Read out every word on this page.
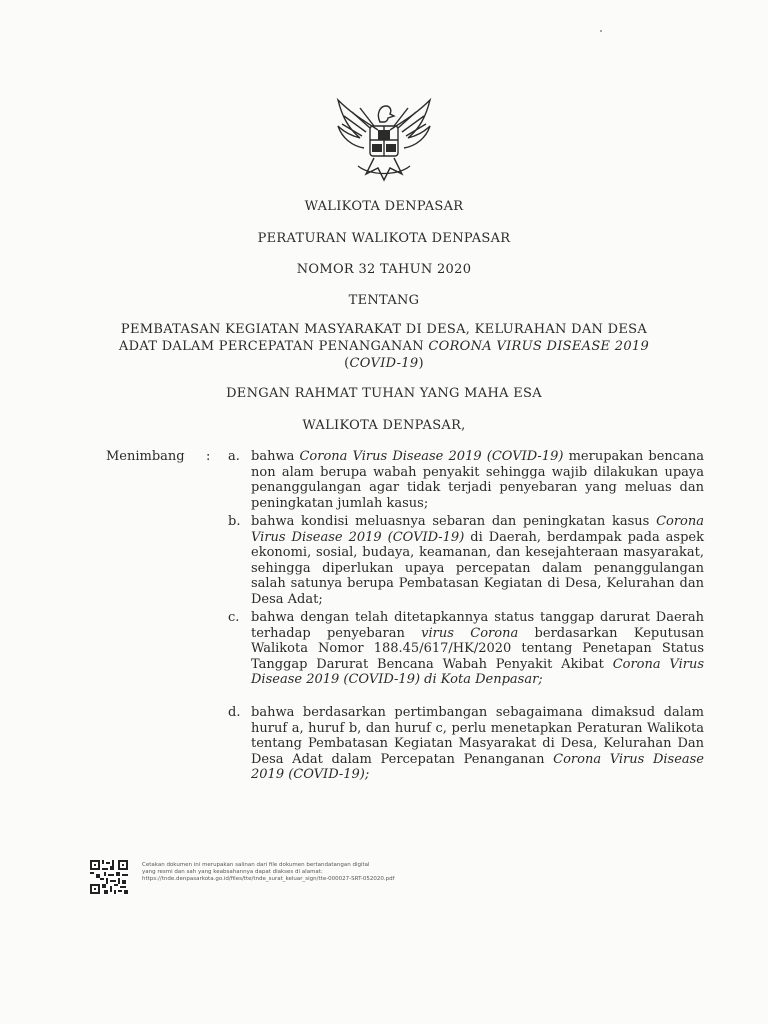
WALIKOTA DENPASAR
PERATURAN WALIKOTA DENPASAR
NOMOR 32 TAHUN 2020
TENTANG
PEMBATASAN KEGIATAN MASYARAKAT DI DESA, KELURAHAN DAN DESA
ADAT DALAM PERCEPATAN PENANGANAN CORONA VIRUS DISEASE 2019
(COVID-19)
DENGAN RAHMAT TUHAN YANG MAHA ESA
WALIKOTA DENPASAR,
Menimbang : a. bahwa Corona Virus Disease 2019 (COVID-19) merupakan bencana non alam berupa wabah penyakit sehingga wajib dilakukan upaya penanggulangan agar tidak terjadi penyebaran yang meluas dan peningkatan jumlah kasus;
b. bahwa kondisi meluasnya sebaran dan peningkatan kasus Corona Virus Disease 2019 (COVID-19) di Daerah, berdampak pada aspek ekonomi, sosial, budaya, keamanan, dan kesejahteraan masyarakat, sehingga diperlukan upaya percepatan dalam penanggulangan salah satunya berupa Pembatasan Kegiatan di Desa, Kelurahan dan Desa Adat;
c. bahwa dengan telah ditetapkannya status tanggap darurat Daerah terhadap penyebaran virus Corona berdasarkan Keputusan Walikota Nomor 188.45/617/HK/2020 tentang Penetapan Status Tanggap Darurat Bencana Wabah Penyakit Akibat Corona Virus Disease 2019 (COVID-19) di Kota Denpasar;
d. bahwa berdasarkan pertimbangan sebagaimana dimaksud dalam huruf a, huruf b, dan huruf c, perlu menetapkan Peraturan Walikota tentang Pembatasan Kegiatan Masyarakat di Desa, Kelurahan Dan Desa Adat dalam Percepatan Penanganan Corona Virus Disease 2019 (COVID-19);
Cetakan dokumen ini merupakan salinan dari file dokumen bertandatangan digital
yang resmi dan sah yang keabsahannya dapat diakses di alamat:
https://tnde.denpasarkota.go.id/files/tte/tnde_surat_keluar_sign/tte-000027-SRT-052020.pdf
